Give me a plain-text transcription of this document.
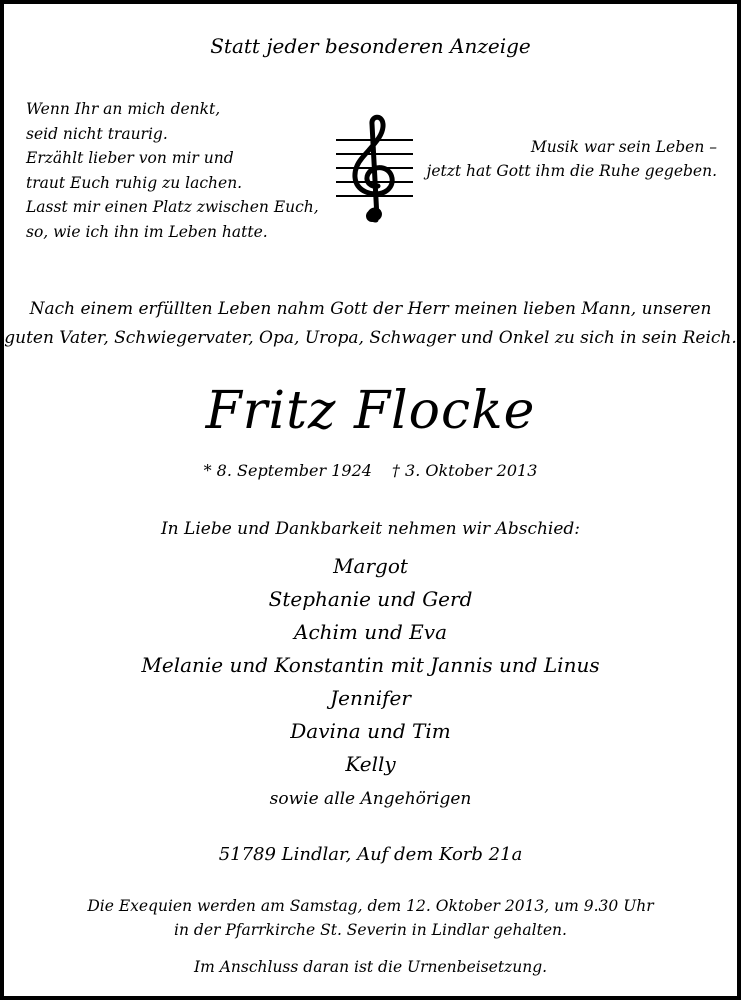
Statt jeder besonderen Anzeige
Wenn Ihr an mich denkt,
seid nicht traurig.
Erzählt lieber von mir und
traut Euch ruhig zu lachen.
Lasst mir einen Platz zwischen Euch,
so, wie ich ihn im Leben hatte.
Musik war sein Leben –
jetzt hat Gott ihm die Ruhe gegeben.
Nach einem erfüllten Leben nahm Gott der Herr meinen lieben Mann, unseren
guten Vater, Schwiegervater, Opa, Uropa, Schwager und Onkel zu sich in sein Reich.
Fritz Flocke
* 8. September 1924 † 3. Oktober 2013
In Liebe und Dankbarkeit nehmen wir Abschied:
Margot
Stephanie und Gerd
Achim und Eva
Melanie und Konstantin mit Jannis und Linus
Jennifer
Davina und Tim
Kelly
sowie alle Angehörigen
51789 Lindlar, Auf dem Korb 21a
Die Exequien werden am Samstag, dem 12. Oktober 2013, um 9.30 Uhr
in der Pfarrkirche St. Severin in Lindlar gehalten.
Im Anschluss daran ist die Urnenbeisetzung.
